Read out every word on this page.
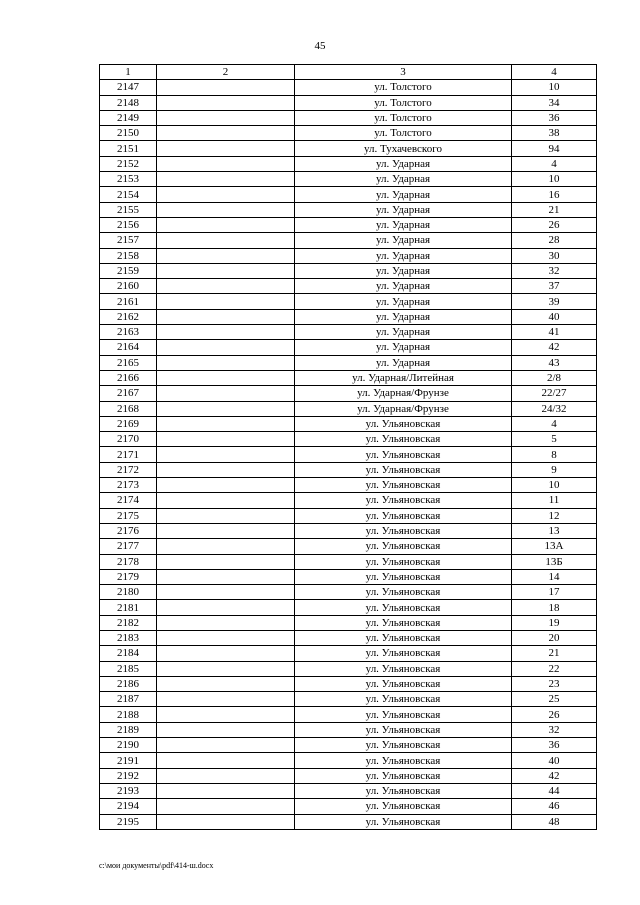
45
1	2	3	4
2147		ул. Толстого	10
2148		ул. Толстого	34
2149		ул. Толстого	36
2150		ул. Толстого	38
2151		ул. Тухачевского	94
2152		ул. Ударная	4
2153		ул. Ударная	10
2154		ул. Ударная	16
2155		ул. Ударная	21
2156		ул. Ударная	26
2157		ул. Ударная	28
2158		ул. Ударная	30
2159		ул. Ударная	32
2160		ул. Ударная	37
2161		ул. Ударная	39
2162		ул. Ударная	40
2163		ул. Ударная	41
2164		ул. Ударная	42
2165		ул. Ударная	43
2166		ул. Ударная/Литейная	2/8
2167		ул. Ударная/Фрунзе	22/27
2168		ул. Ударная/Фрунзе	24/32
2169		ул. Ульяновская	4
2170		ул. Ульяновская	5
2171		ул. Ульяновская	8
2172		ул. Ульяновская	9
2173		ул. Ульяновская	10
2174		ул. Ульяновская	11
2175		ул. Ульяновская	12
2176		ул. Ульяновская	13
2177		ул. Ульяновская	13А
2178		ул. Ульяновская	13Б
2179		ул. Ульяновская	14
2180		ул. Ульяновская	17
2181		ул. Ульяновская	18
2182		ул. Ульяновская	19
2183		ул. Ульяновская	20
2184		ул. Ульяновская	21
2185		ул. Ульяновская	22
2186		ул. Ульяновская	23
2187		ул. Ульяновская	25
2188		ул. Ульяновская	26
2189		ул. Ульяновская	32
2190		ул. Ульяновская	36
2191		ул. Ульяновская	40
2192		ул. Ульяновская	42
2193		ул. Ульяновская	44
2194		ул. Ульяновская	46
2195		ул. Ульяновская	48
c:\мои документы\pdf\414-ш.docx
